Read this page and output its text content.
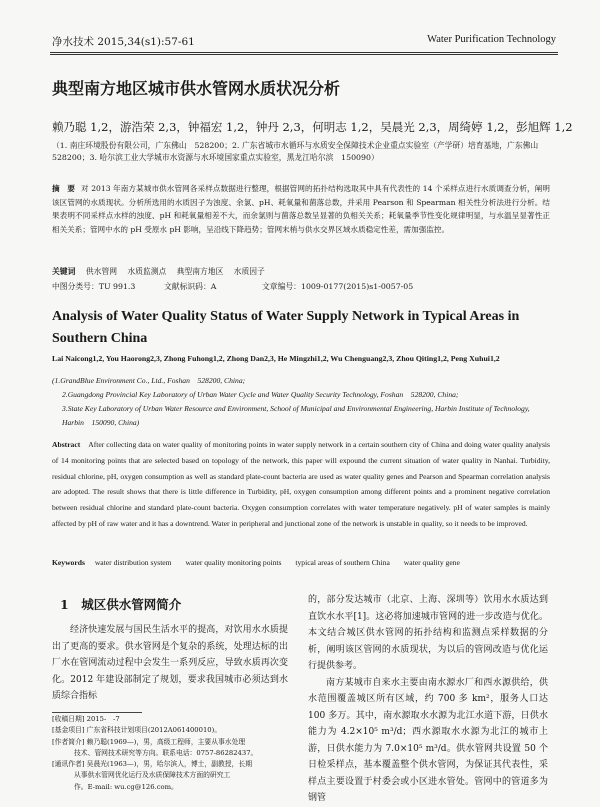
净水技术 2015,34(s1):57-61	Water Purification Technology
典型南方地区城市供水管网水质状况分析
赖乃聪 1,2，游浩荣 2,3，钟福宏 1,2，钟丹 2,3，何明志 1,2，吴晨光 2,3，周绮婷 1,2，彭旭辉 1,2
（1. 南庄环境股份有限公司，广东佛山　528200；2. 广东省城市水循环与水质安全保障技术企业重点实验室（产学研）培育基地，广东佛山　528200；3. 哈尔滨工业大学城市水资源与水环境国家重点实验室，黑龙江哈尔滨　150090）
摘　要 对 2013 年南方某城市供水管网各采样点数据进行整理，根据管网的拓扑结构选取其中具有代表性的 14 个采样点进行水质调查分析，阐明该区管网的水质现状。分析所选用的水质因子为浊度、余氯、pH、耗氧量和菌落总数，并采用 Pearson 和 Spearman 相关性分析法进行分析。结果表明不同采样点水样的浊度、pH 和耗氧量相差不大，而余氯则与菌落总数呈显著的负相关关系；耗氧量季节性变化规律明显，与水温呈显著性正相关关系；管网中水的 pH 受原水 pH 影响，呈沿线下降趋势；管网末梢与供水交界区域水质稳定性差，需加强监控。
关键词 供水管网  水质监测点  典型南方地区  水质因子
中图分类号：TU 991.3	文献标识码：A	文章编号：1009-0177(2015)s1-0057-05
Analysis of Water Quality Status of Water Supply Network in Typical Areas in Southern China
Lai Naicong1,2, You Haorong2,3, Zhong Fuhong1,2, Zhong Dan2,3, He Mingzhi1,2, Wu Chenguang2,3, Zhou Qiting1,2, Peng Xuhui1,2
(1.GrandBlue Environment Co., Ltd., Foshan　528200, China;
2.Guangdong Provincial Key Laboratory of Urban Water Cycle and Water Quality Security Technology, Foshan　528200, China;
3.State Key Laboratory of Urban Water Resource and Environment, School of Municipal and Environmental Engineering, Harbin Institute of Technology, Harbin　150090, China)
Abstract After collecting data on water quality of monitoring points in water supply network in a certain southern city of China and doing water quality analysis of 14 monitoring points that are selected based on topology of the network, this paper will expound the current situation of water quality in Nanhai. Turbidity, residual chlorine, pH, oxygen consumption as well as standard plate-count bacteria are used as water quality genes and Pearson and Spearman correlation analysis are adopted. The result shows that there is little difference in Turbidity, pH, oxygen consumption among different points and a prominent negative correlation between residual chlorine and standard plate-count bacteria. Oxygen consumption correlates with water temperature negatively. pH of water samples is mainly affected by pH of raw water and it has a downtrend. Water in peripheral and junctional zone of the network is unstable in quality, so it needs to be improved.
Keywords water distribution system water quality monitoring points typical areas of southern China water quality gene
1　城区供水管网简介

经济快速发展与国民生活水平的提高，对饮用水水质提出了更高的要求。供水管网是个复杂的系统，处理达标的出厂水在管网流动过程中会发生一系列反应，导致水质再次变化。2012 年建设部制定了规划，要求我国城市必须达到水质综合指标

[收稿日期] 2015-　-7
[基金项目] 广东省科技计划项目(2012A061400010)。
[作者简介] 赖乃聪(1969—)，男，高级工程师，主要从事水处理
技术、管网技术研究等方向。联系电话：0757-86282437。
[通讯作者] 吴晨光(1963—)，男，哈尔滨人，博士，副教授，长期
从事供水管网优化运行及水质保障技术方面的研究工
作。E-mail: wu.cg@126.com。

的，部分发达城市（北京、上海、深圳等）饮用水水质达到直饮水水平[1]。这必将加速城市管网的进一步改造与优化。本文结合城区供水管网的拓扑结构和监测点采样数据的分析，阐明该区管网的水质现状，为以后的管网改造与优化运行提供参考。

南方某城市自来水主要由南水源水厂和西水源供给，供水范围覆盖城区所有区域，约 700 多 km²，服务人口达 100 多万。其中，南水源取水水源为北江水道下游，日供水能力为 4.2×10⁵ m³/d；西水源取水水源为北江的城市上游，日供水能力为 7.0×10⁵ m³/d。供水管网共设置 50 个日检采样点，基本覆盖整个供水管网，为保证其代表性，采样点主要设置于村委会或小区进水管处。管网中的管道多为钢管
